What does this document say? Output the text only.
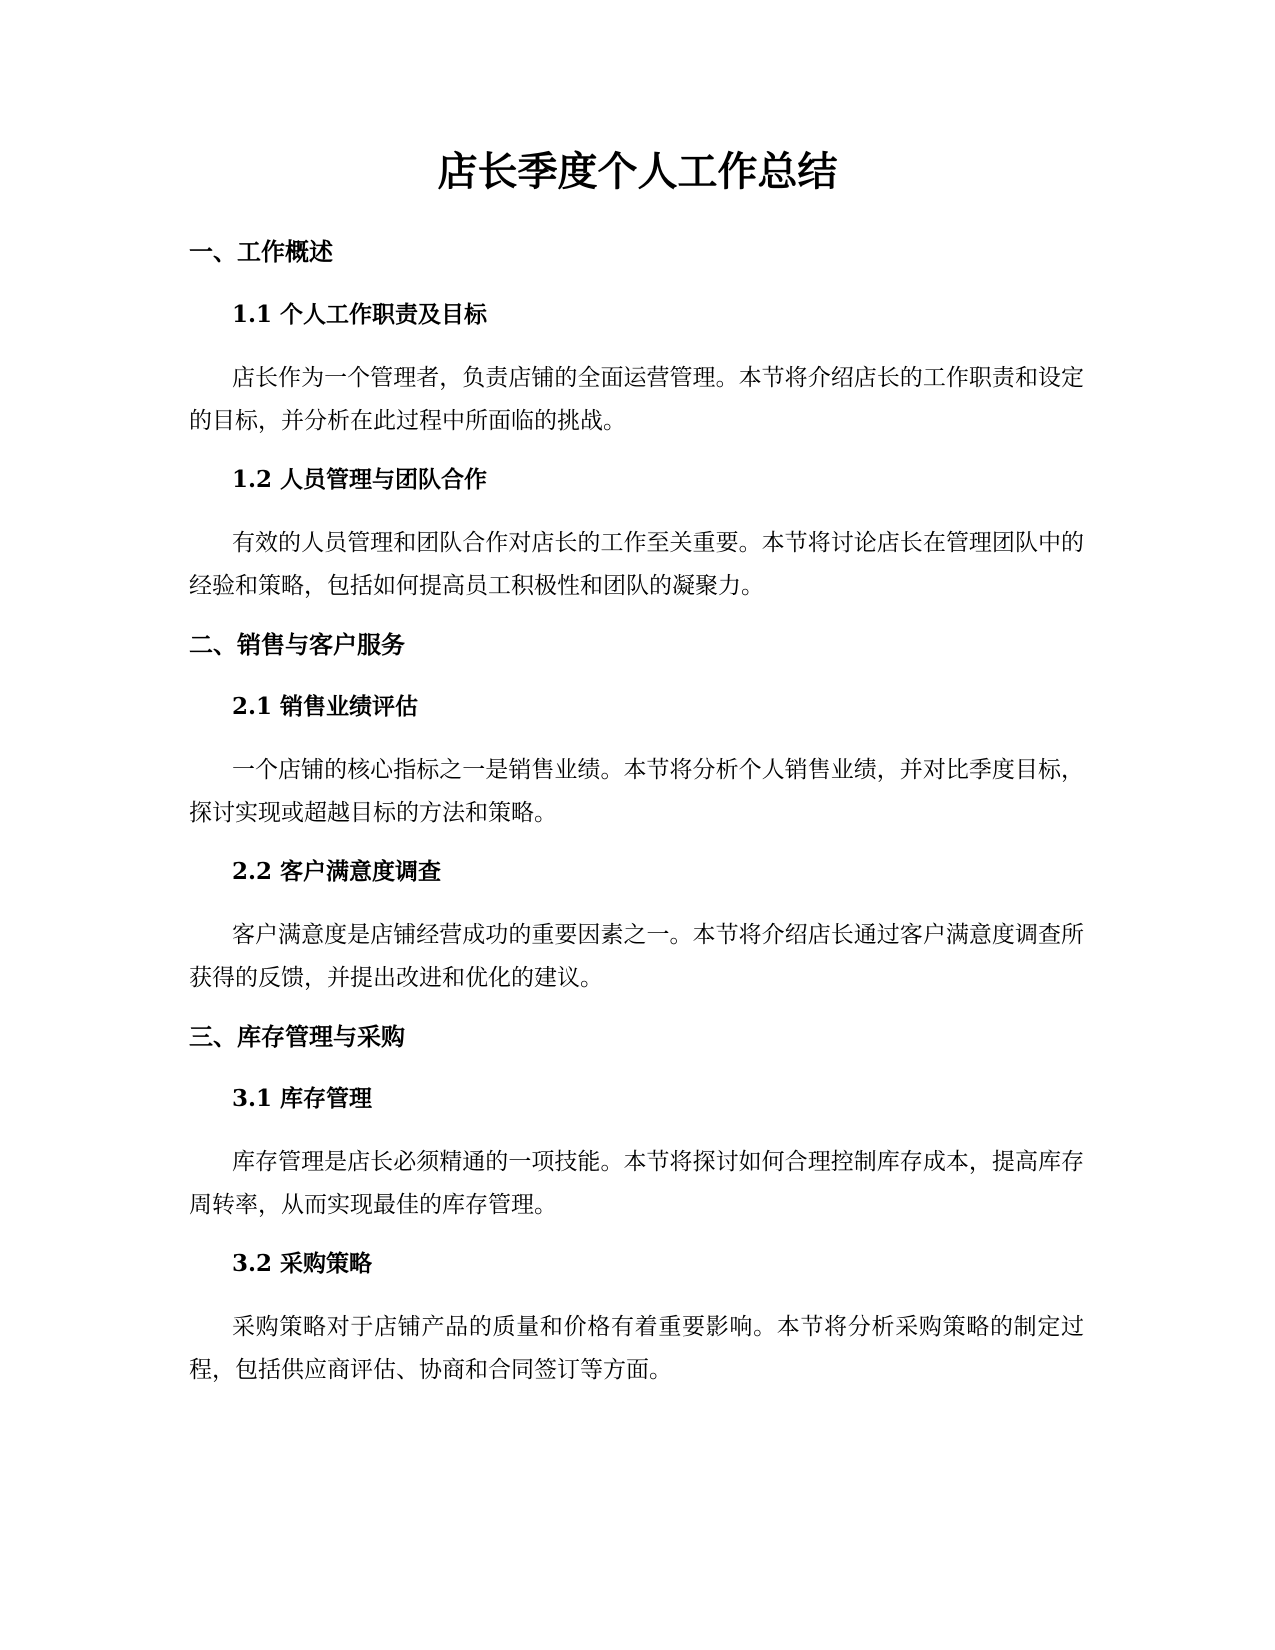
店长季度个人工作总结
一、工作概述
1.1 个人工作职责及目标

店长作为一个管理者，负责店铺的全面运营管理。本节将介绍店长的工作职责和设定的目标，并分析在此过程中所面临的挑战。

1.2 人员管理与团队合作

有效的人员管理和团队合作对店长的工作至关重要。本节将讨论店长在管理团队中的经验和策略，包括如何提高员工积极性和团队的凝聚力。

二、销售与客户服务
2.1 销售业绩评估

一个店铺的核心指标之一是销售业绩。本节将分析个人销售业绩，并对比季度目标，探讨实现或超越目标的方法和策略。

2.2 客户满意度调查

客户满意度是店铺经营成功的重要因素之一。本节将介绍店长通过客户满意度调查所获得的反馈，并提出改进和优化的建议。

三、库存管理与采购
3.1 库存管理

库存管理是店长必须精通的一项技能。本节将探讨如何合理控制库存成本，提高库存周转率，从而实现最佳的库存管理。

3.2 采购策略

采购策略对于店铺产品的质量和价格有着重要影响。本节将分析采购策略的制定过程，包括供应商评估、协商和合同签订等方面。
